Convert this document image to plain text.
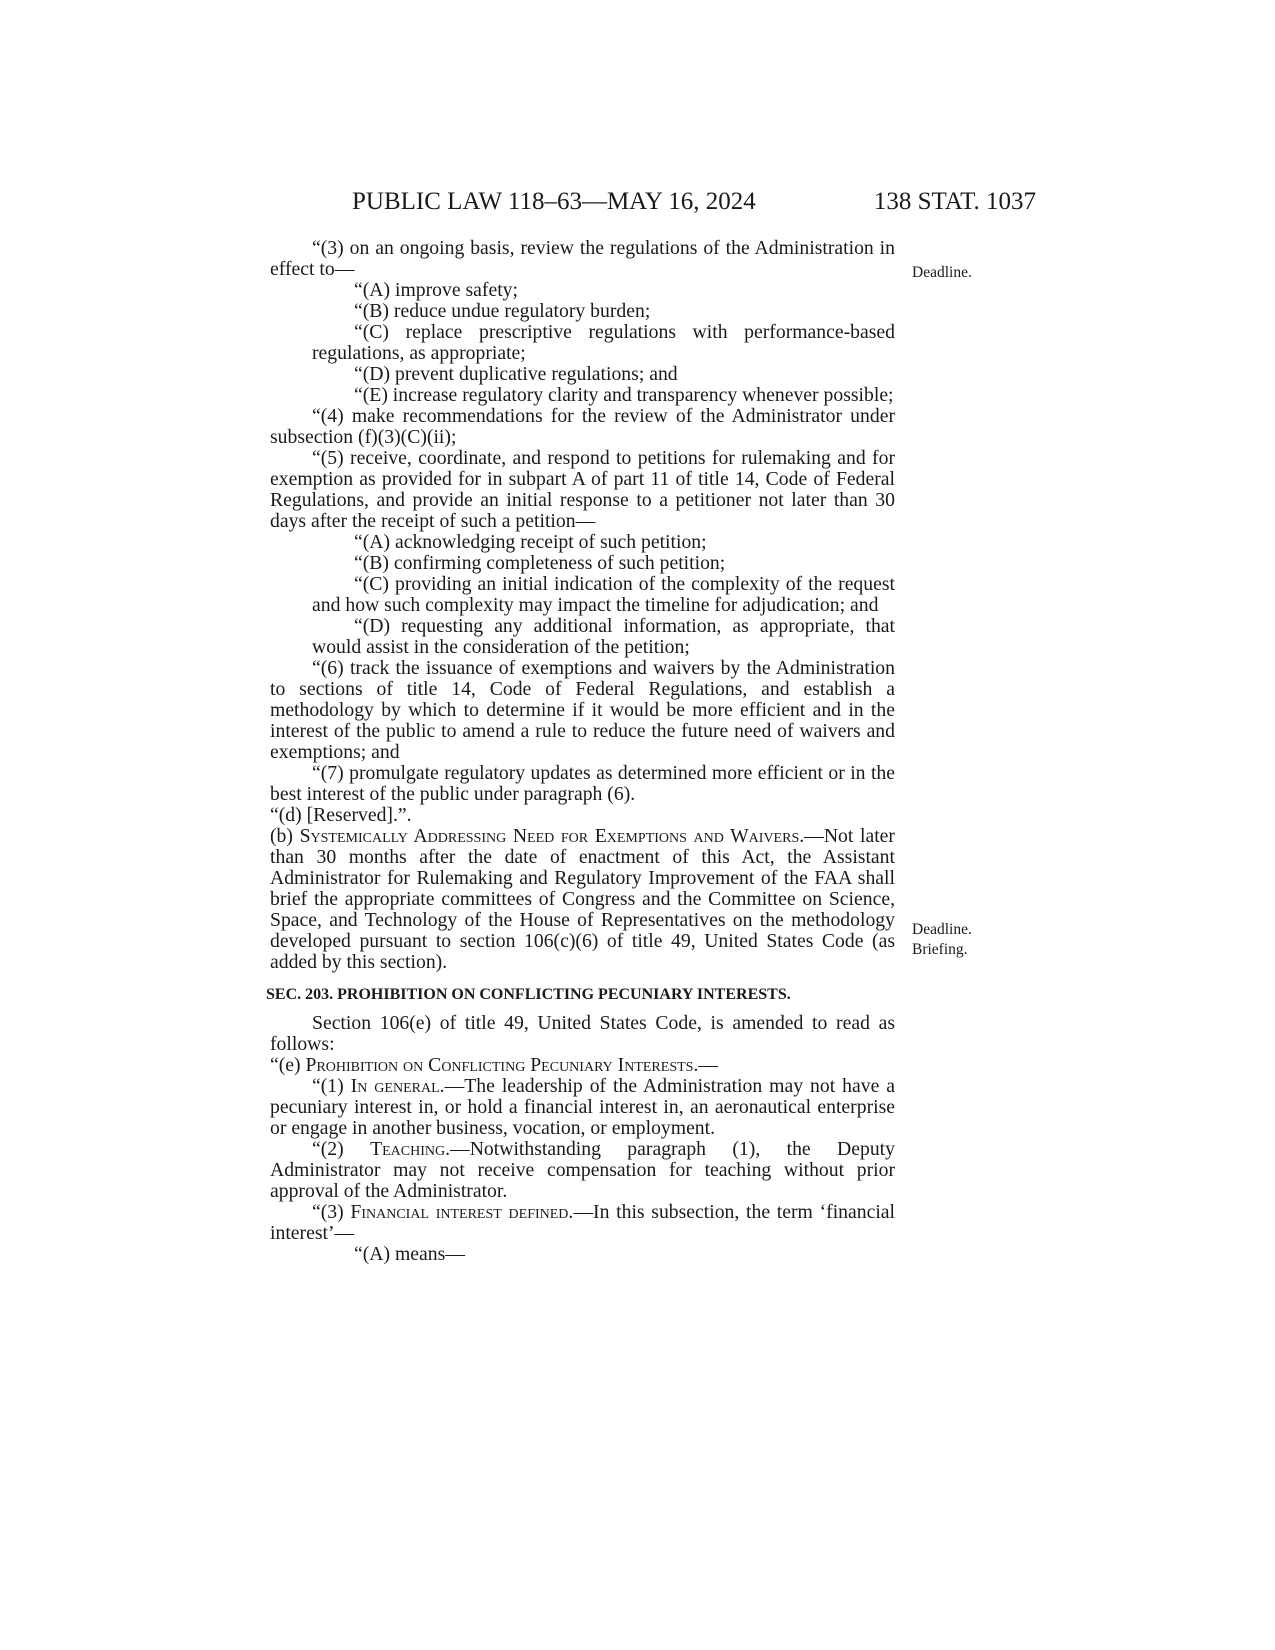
PUBLIC LAW 118–63—MAY 16, 2024	138 STAT. 1037
Deadline.
Deadline.
Briefing.

“(3) on an ongoing basis, review the regulations of the Administration in effect to—

“(A) improve safety;

“(B) reduce undue regulatory burden;

“(C) replace prescriptive regulations with performance-based regulations, as appropriate;

“(D) prevent duplicative regulations; and

“(E) increase regulatory clarity and transparency whenever possible;

“(4) make recommendations for the review of the Administrator under subsection (f)(3)(C)(ii);

“(5) receive, coordinate, and respond to petitions for rulemaking and for exemption as provided for in subpart A of part 11 of title 14, Code of Federal Regulations, and provide an initial response to a petitioner not later than 30 days after the receipt of such a petition—

“(A) acknowledging receipt of such petition;

“(B) confirming completeness of such petition;

“(C) providing an initial indication of the complexity of the request and how such complexity may impact the timeline for adjudication; and

“(D) requesting any additional information, as appropriate, that would assist in the consideration of the petition;

“(6) track the issuance of exemptions and waivers by the Administration to sections of title 14, Code of Federal Regulations, and establish a methodology by which to determine if it would be more efficient and in the interest of the public to amend a rule to reduce the future need of waivers and exemptions; and

“(7) promulgate regulatory updates as determined more efficient or in the best interest of the public under paragraph (6).

“(d) [Reserved].”.

(b) Systemically Addressing Need for Exemptions and Waivers.—Not later than 30 months after the date of enactment of this Act, the Assistant Administrator for Rulemaking and Regulatory Improvement of the FAA shall brief the appropriate committees of Congress and the Committee on Science, Space, and Technology of the House of Representatives on the methodology developed pursuant to section 106(c)(6) of title 49, United States Code (as added by this section).

SEC. 203. PROHIBITION ON CONFLICTING PECUNIARY INTERESTS.

Section 106(e) of title 49, United States Code, is amended to read as follows:

“(e) Prohibition on Conflicting Pecuniary Interests.—

“(1) In general.—The leadership of the Administration may not have a pecuniary interest in, or hold a financial interest in, an aeronautical enterprise or engage in another business, vocation, or employment.

“(2) Teaching.—Notwithstanding paragraph (1), the Deputy Administrator may not receive compensation for teaching without prior approval of the Administrator.

“(3) Financial interest defined.—In this subsection, the term ‘financial interest’—

“(A) means—
